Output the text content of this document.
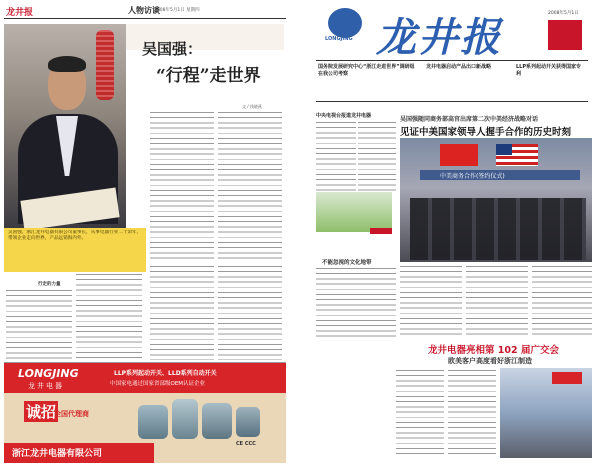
龙井报	2008年5月1日 星期四
人物访谈
吴国强：
“行程”走世界
文 / 钱晓燕
吴国强，浙江龙井电器有限公司董事长，从事电器行业二十余年，带领企业走向世界，产品远销海内外。
行走的力量
LONGJING
龙井电器
LLP系列起动开关、LLD系列自动开关
中国家电通过国家省部级OEM认证企业
诚招
全国代理商
CE CCC
浙江龙井电器有限公司
LONGJING 龙井报
2008年5月1日
国务院发展研究中心“浙江走进世界”调研组在我公司考察
龙井电器启动产品出口新战略	LLP系列起动开关获得国家专利
中央电视台报道龙井电器
不能忽视的文化地带
吴国强随同商务部高官出席第二次中美经济战略对话
见证中美国家领导人握手合作的历史时刻
中美商务合作(签约仪式)
龙井电器亮相第 102 届广交会
欧美客户高度看好浙江制造
